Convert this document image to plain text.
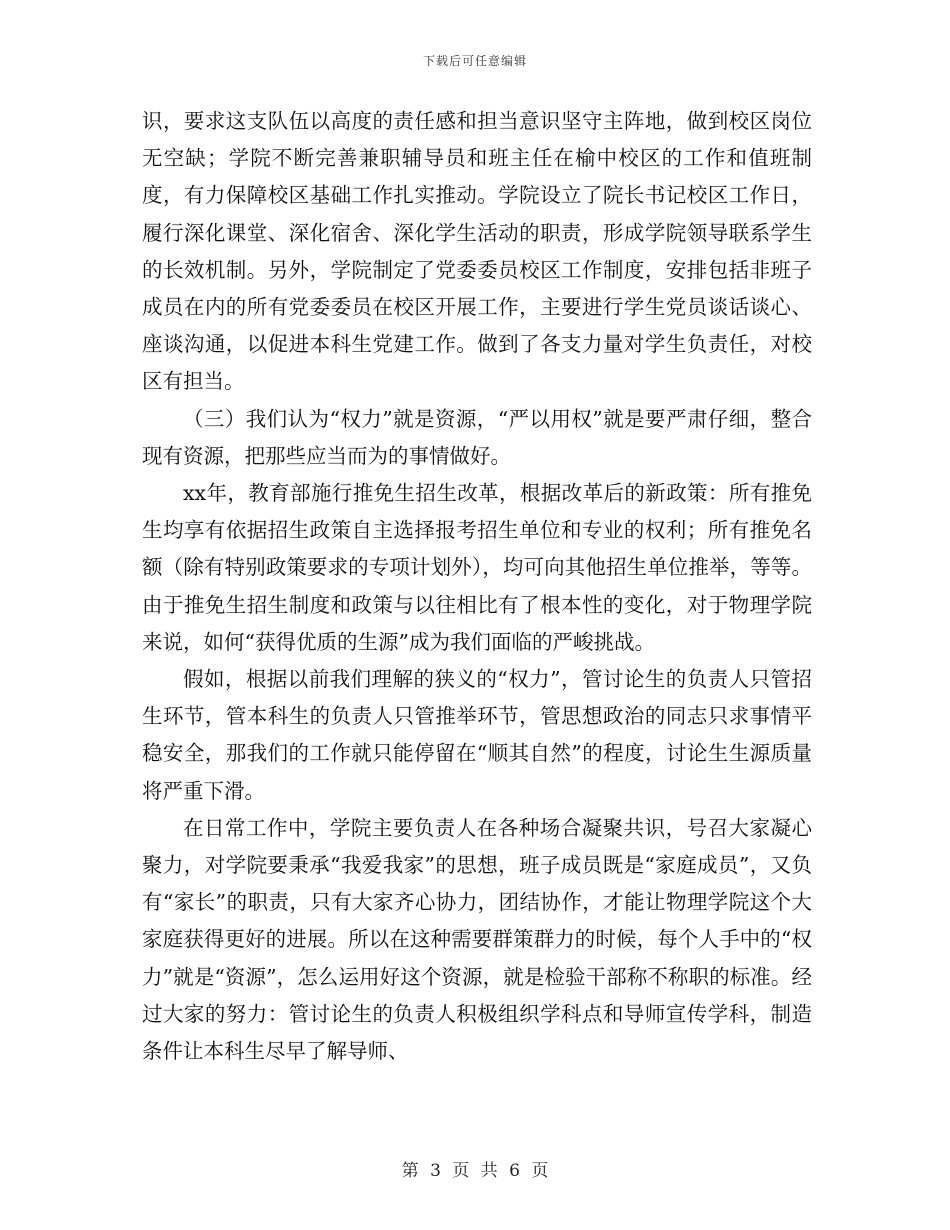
下载后可任意编辑

识，要求这支队伍以高度的责任感和担当意识坚守主阵地，做到校区岗位无空缺；学院不断完善兼职辅导员和班主任在榆中校区的工作和值班制度，有力保障校区基础工作扎实推动。学院设立了院长书记校区工作日，履行深化课堂、深化宿舍、深化学生活动的职责，形成学院领导联系学生的长效机制。另外，学院制定了党委委员校区工作制度，安排包括非班子成员在内的所有党委委员在校区开展工作，主要进行学生党员谈话谈心、座谈沟通，以促进本科生党建工作。做到了各支力量对学生负责任，对校区有担当。

（三）我们认为“权力”就是资源，“严以用权”就是要严肃仔细，整合现有资源，把那些应当而为的事情做好。

xx年，教育部施行推免生招生改革，根据改革后的新政策：所有推免生均享有依据招生政策自主选择报考招生单位和专业的权利；所有推免名额（除有特别政策要求的专项计划外），均可向其他招生单位推举，等等。由于推免生招生制度和政策与以往相比有了根本性的变化，对于物理学院来说，如何“获得优质的生源”成为我们面临的严峻挑战。

假如，根据以前我们理解的狭义的“权力”，管讨论生的负责人只管招生环节，管本科生的负责人只管推举环节，管思想政治的同志只求事情平稳安全，那我们的工作就只能停留在“顺其自然”的程度，讨论生生源质量将严重下滑。

在日常工作中，学院主要负责人在各种场合凝聚共识，号召大家凝心聚力，对学院要秉承“我爱我家”的思想，班子成员既是“家庭成员”，又负有“家长”的职责，只有大家齐心协力，团结协作，才能让物理学院这个大家庭获得更好的进展。所以在这种需要群策群力的时候，每个人手中的“权力”就是“资源”，怎么运用好这个资源，就是检验干部称不称职的标准。经过大家的努力：管讨论生的负责人积极组织学科点和导师宣传学科，制造条件让本科生尽早了解导师、

第 3 页 共 6 页
